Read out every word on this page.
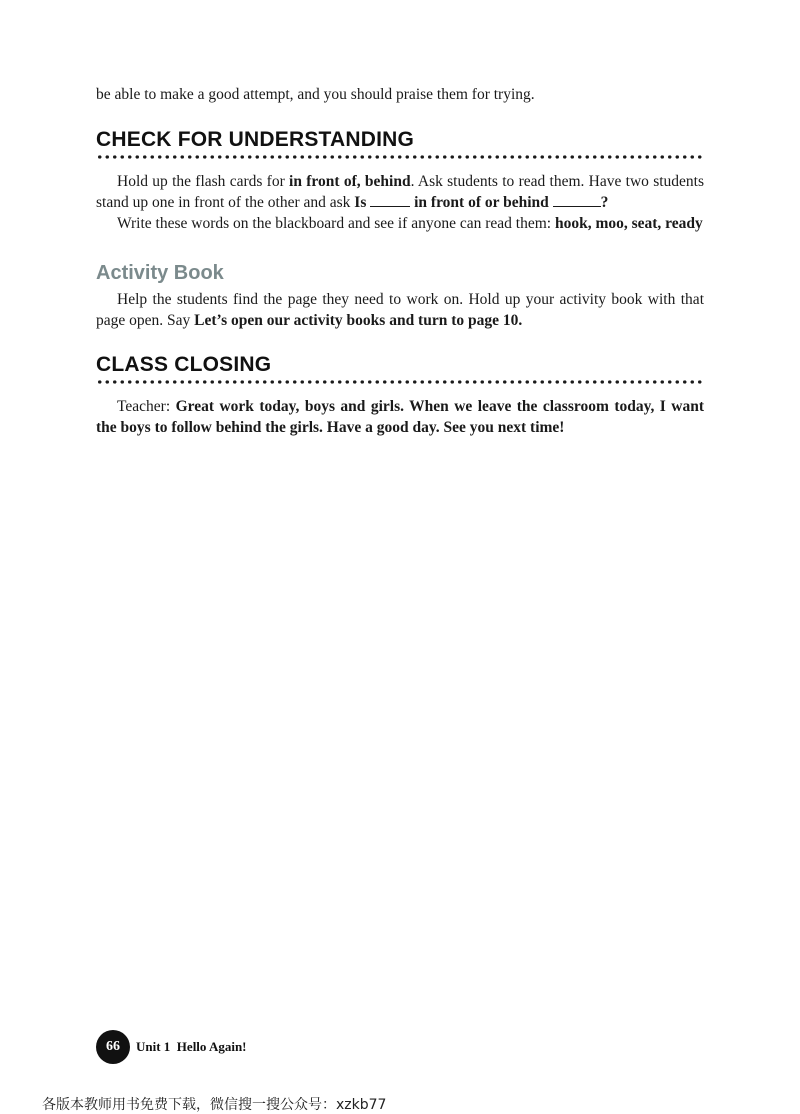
be able to make a good attempt, and you should praise them for trying.

CHECK FOR UNDERSTANDING

Hold up the flash cards for in front of, behind. Ask students to read them. Have two students stand up one in front of the other and ask Is	in front of or behind	?

Write these words on the blackboard and see if anyone can read them: hook, moo, seat, ready

Activity Book

Help the students find the page they need to work on. Hold up your activity book with that page open. Say Let’s open our activity books and turn to page 10.

CLASS CLOSING

Teacher: Great work today, boys and girls. When we leave the classroom today, I want the boys to follow behind the girls. Have a good day. See you next time!

66	Unit 1  Hello Again!
各版本教师用书免费下载，微信搜一搜公众号：xzkb77
